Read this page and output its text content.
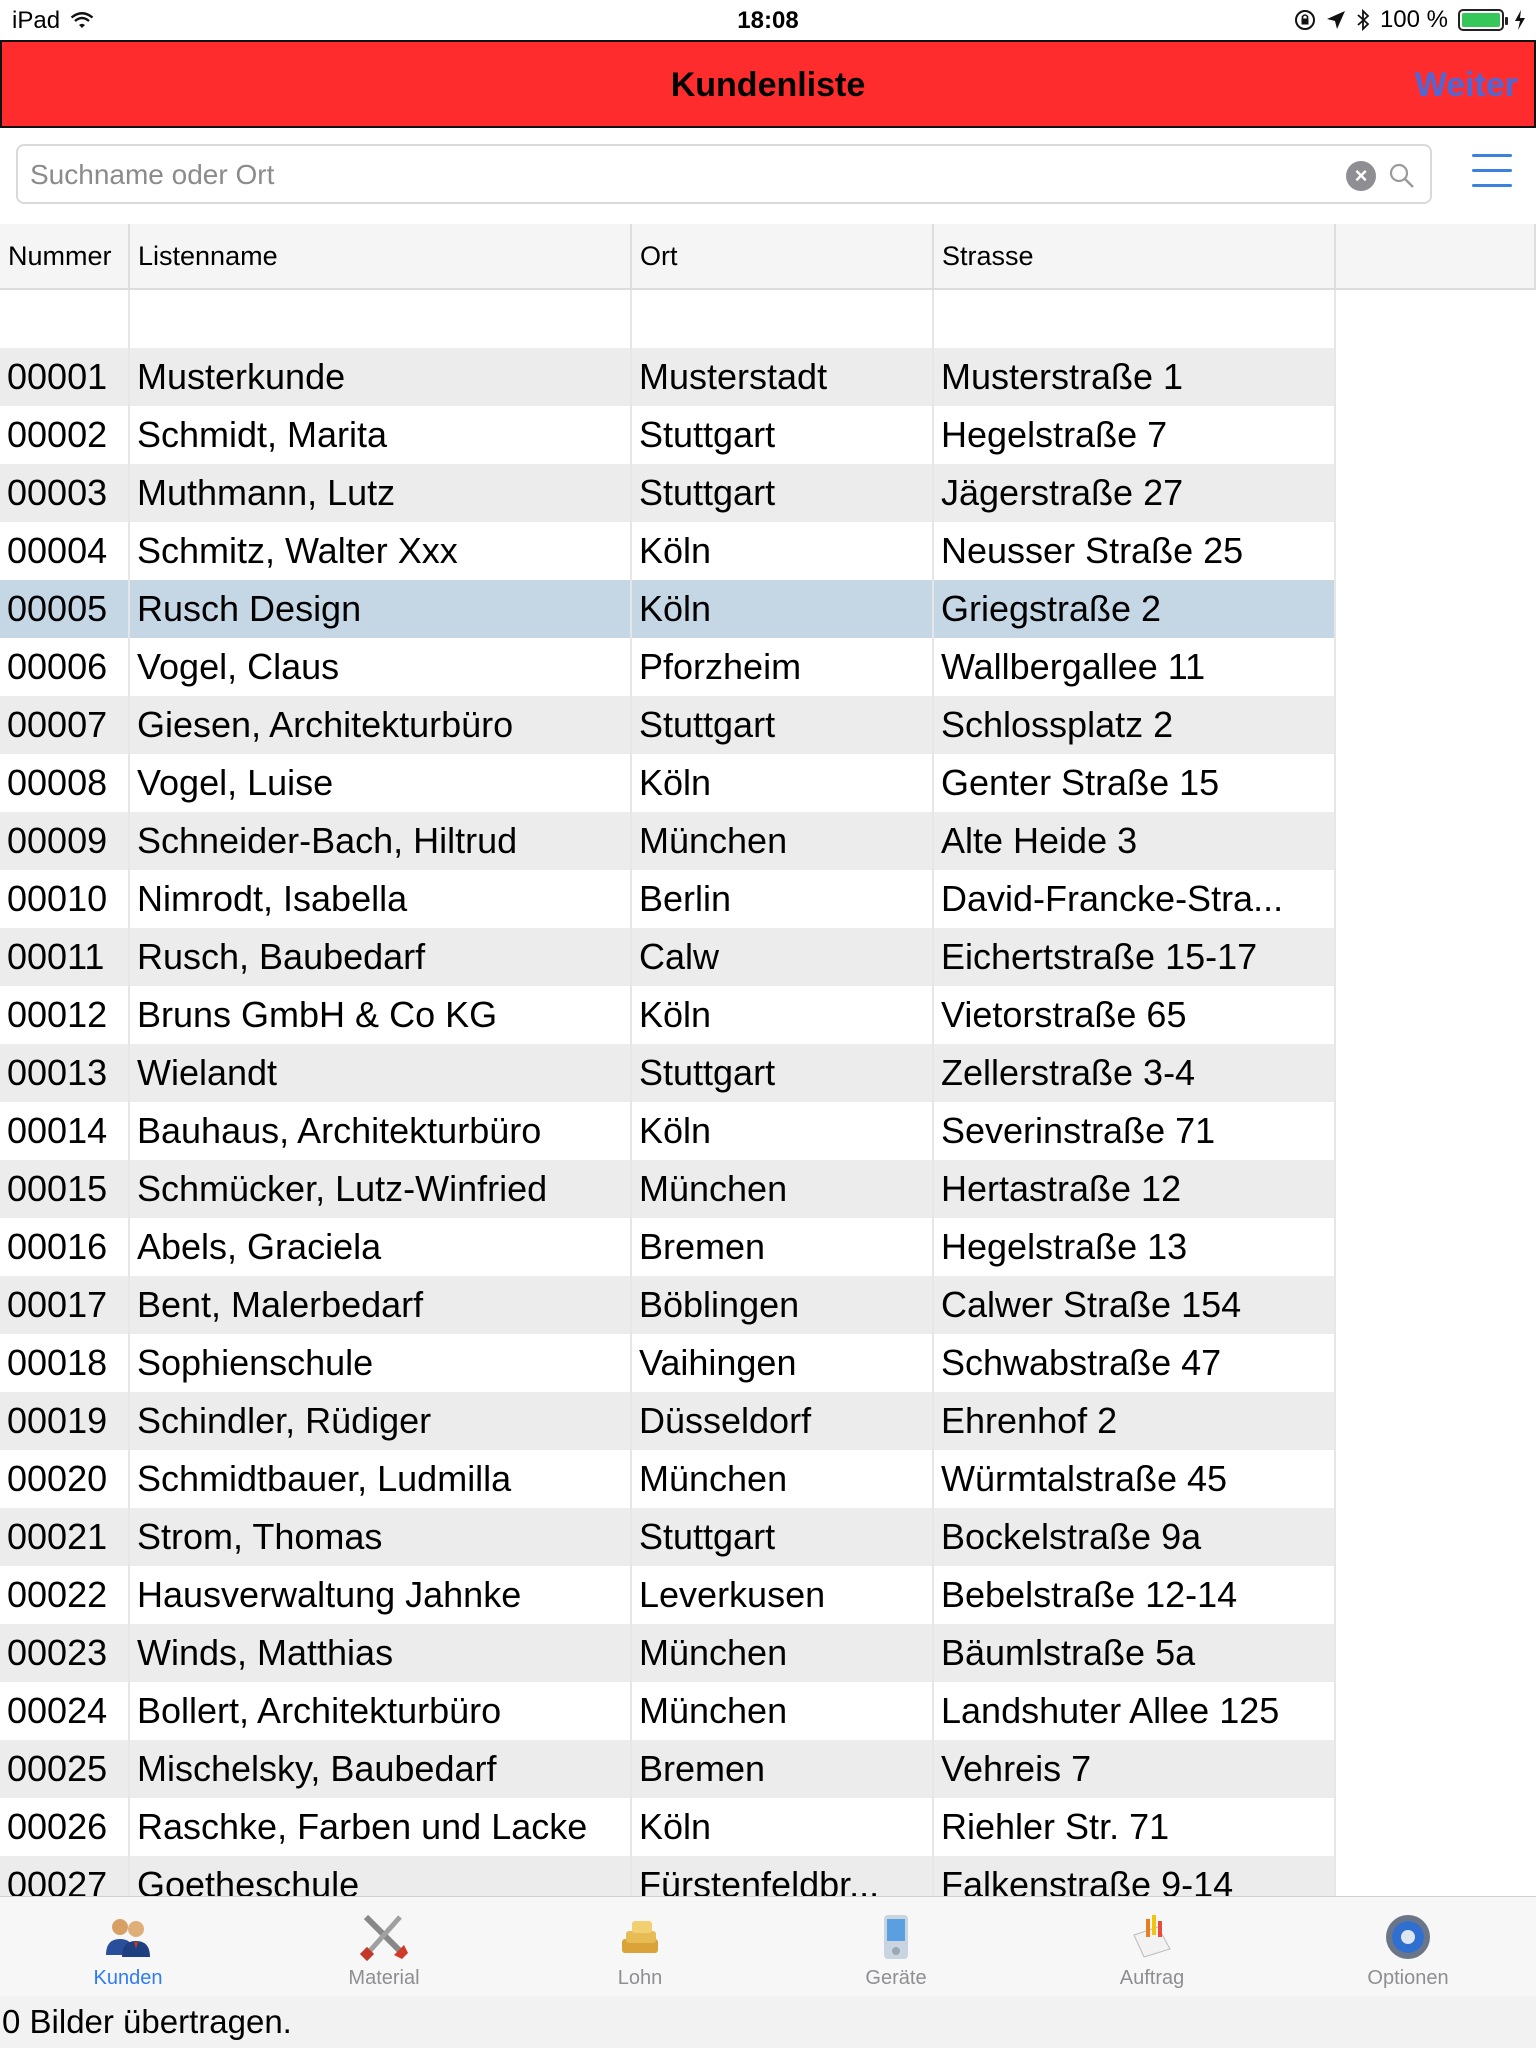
iPad	18:08	100 %
Kundenliste	Weiter
Suchname oder Ort
×
Nummer Listenname	Ort	Strasse
00001 Musterkunde	Musterstadt	Musterstraße 1
00002 Schmidt, Marita	Stuttgart	Hegelstraße 7
00003 Muthmann, Lutz	Stuttgart	Jägerstraße 27
00004 Schmitz, Walter Xxx	Köln	Neusser Straße 25
00005 Rusch Design	Köln	Griegstraße 2
00006 Vogel, Claus	Pforzheim	Wallbergallee 11
00007 Giesen, Architekturbüro	Stuttgart	Schlossplatz 2
00008 Vogel, Luise	Köln	Genter Straße 15
00009 Schneider-Bach, Hiltrud	München	Alte Heide 3
00010 Nimrodt, Isabella	Berlin	David-Francke-Stra...
00011 Rusch, Baubedarf	Calw	Eichertstraße 15-17
00012 Bruns GmbH & Co KG	Köln	Vietorstraße 65
00013 Wielandt	Stuttgart	Zellerstraße 3-4
00014 Bauhaus, Architekturbüro	Köln	Severinstraße 71
00015 Schmücker, Lutz-Winfried	München	Hertastraße 12
00016 Abels, Graciela	Bremen	Hegelstraße 13
00017 Bent, Malerbedarf	Böblingen	Calwer Straße 154
00018 Sophienschule	Vaihingen	Schwabstraße 47
00019 Schindler, Rüdiger	Düsseldorf	Ehrenhof 2
00020 Schmidtbauer, Ludmilla	München	Würmtalstraße 45
00021 Strom, Thomas	Stuttgart	Bockelstraße 9a
00022 Hausverwaltung Jahnke	Leverkusen	Bebelstraße 12-14
00023 Winds, Matthias	München	Bäumlstraße 5a
00024 Bollert, Architekturbüro	München	Landshuter Allee 125
00025 Mischelsky, Baubedarf	Bremen	Vehreis 7
00026 Raschke, Farben und Lacke	Köln	Riehler Str. 71
00027 Goetheschule	Fürstenfeldbr...	Falkenstraße 9-14
Kunden	Material	Lohn	Geräte	Auftrag	Optionen
0 Bilder übertragen.
